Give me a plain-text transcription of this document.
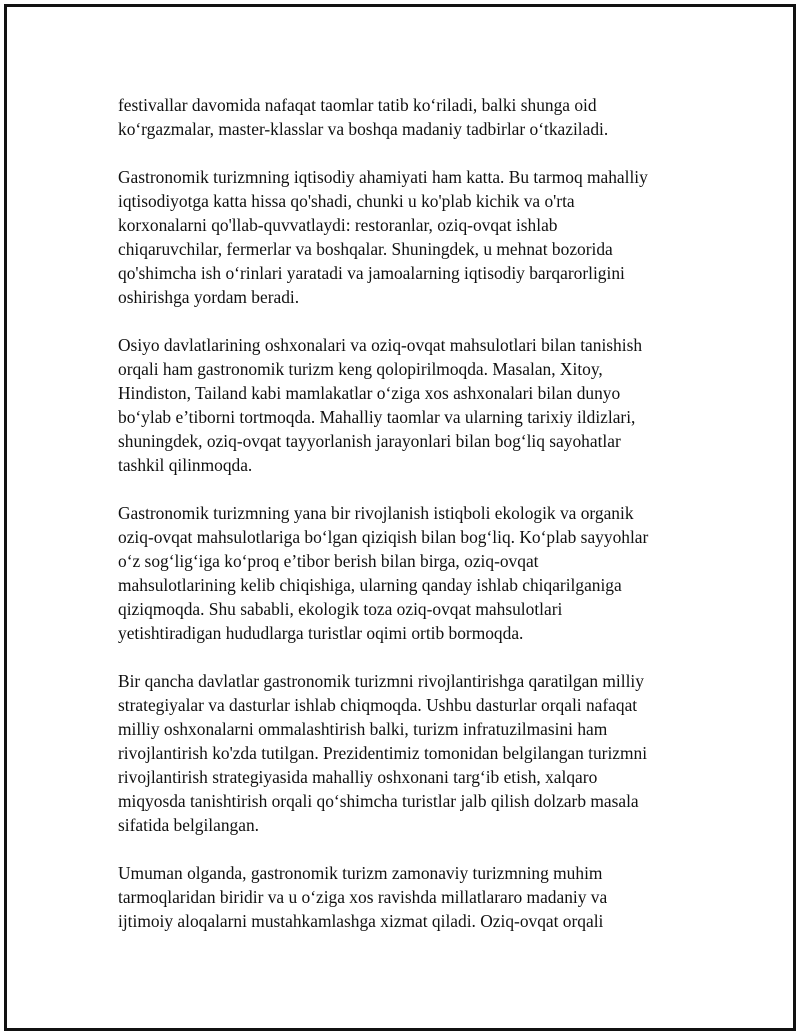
festivallar davomida nafaqat taomlar tatib ko‘riladi, balki shunga oid
ko‘rgazmalar, master-klasslar va boshqa madaniy tadbirlar o‘tkaziladi.

Gastronomik turizmning iqtisodiy ahamiyati ham katta. Bu tarmoq mahalliy
iqtisodiyotga katta hissa qo'shadi, chunki u ko'plab kichik va o'rta
korxonalarni qo'llab-quvvatlaydi: restoranlar, oziq-ovqat ishlab
chiqaruvchilar, fermerlar va boshqalar. Shuningdek, u mehnat bozorida
qo'shimcha ish o‘rinlari yaratadi va jamoalarning iqtisodiy barqarorligini
oshirishga yordam beradi.

Osiyo davlatlarining oshxonalari va oziq-ovqat mahsulotlari bilan tanishish
orqali ham gastronomik turizm keng qolopirilmoqda. Masalan, Xitoy,
Hindiston, Tailand kabi mamlakatlar o‘ziga xos ashxonalari bilan dunyo
bo‘ylab e’tiborni tortmoqda. Mahalliy taomlar va ularning tarixiy ildizlari,
shuningdek, oziq-ovqat tayyorlanish jarayonlari bilan bog‘liq sayohatlar
tashkil qilinmoqda.

Gastronomik turizmning yana bir rivojlanish istiqboli ekologik va organik
oziq-ovqat mahsulotlariga bo‘lgan qiziqish bilan bog‘liq. Ko‘plab sayyohlar
o‘z sog‘lig‘iga ko‘proq e’tibor berish bilan birga, oziq-ovqat
mahsulotlarining kelib chiqishiga, ularning qanday ishlab chiqarilganiga
qiziqmoqda. Shu sababli, ekologik toza oziq-ovqat mahsulotlari
yetishtiradigan hududlarga turistlar oqimi ortib bormoqda.

Bir qancha davlatlar gastronomik turizmni rivojlantirishga qaratilgan milliy
strategiyalar va dasturlar ishlab chiqmoqda. Ushbu dasturlar orqali nafaqat
milliy oshxonalarni ommalashtirish balki, turizm infratuzilmasini ham
rivojlantirish ko'zda tutilgan. Prezidentimiz tomonidan belgilangan turizmni
rivojlantirish strategiyasida mahalliy oshxonani targ‘ib etish, xalqaro
miqyosda tanishtirish orqali qo‘shimcha turistlar jalb qilish dolzarb masala
sifatida belgilangan.

Umuman olganda, gastronomik turizm zamonaviy turizmning muhim
tarmoqlaridan biridir va u o‘ziga xos ravishda millatlararo madaniy va
ijtimoiy aloqalarni mustahkamlashga xizmat qiladi. Oziq-ovqat orqali
